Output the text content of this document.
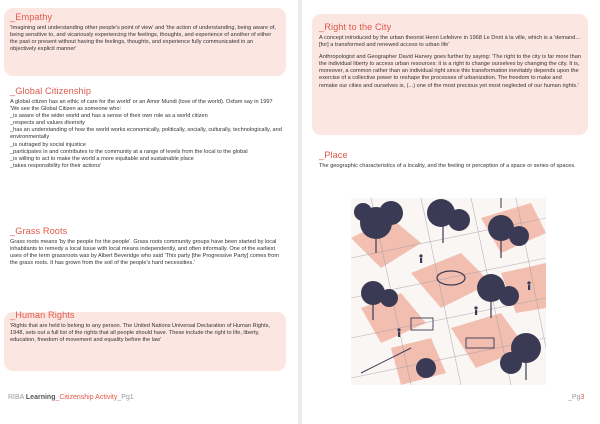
_Empathy
'Imagining and understanding other people's point of view' and 'the action of understanding, being aware of, being sensitive to, and vicariously experiencing the feelings, thoughts, and experience of another of either the past or present without having the feelings, thoughts, and experience fully communicated in an objectively explicit manner'
_Global Citizenship
A global citizen has an ethic of care for the world' or an Amor Mundi (love of the world). Oxfam say in 1997 'We see the Global Citizen as someone who:
_is aware of the wider world and has a sense of their own role as a world citizen
_respects and values diversity
_has an understanding of how the world works economically, politically, socially, culturally, technologically, and environmentally
_is outraged by social injustice
_participates in and contributes to the community at a range of levels from the local to the global
_is willing to act to make the world a more equitable and sustainable place
_takes responsibility for their actions'
_Grass Roots
Grass roots means 'by the people for the people'. Grass roots community groups have been started by local inhabitants to remedy a local issue with local means independently, and often informally. One of the earliest uses of the term grassroots was by Albert Beveridge who said 'This party [the Progressive Party] comes from the grass roots. It has grown from the soil of the people's hard necessities.'
_Human Rights
'Rights that are held to belong to any person. The United Nations Universal Declaration of Human Rights, 1948, sets out a full list of the rights that all people should have. These include the right to life, liberty, education, freedom of movement and equality before the law'
_Right to the City
A concept introduced by the urban theorist Henri Lefebvre in 1968 Le Droit à la ville, which is a 'demand...[for] a transformed and renewed access to urban life'
Anthropologist and Geographer David Harvey goes further by saying: 'The right to the city is far more than the individual liberty to access urban resources: it is a right to change ourselves by changing the city. It is, moreover, a common rather than an individual right since this transformation inevitably depends upon the exercise of a collective power to reshape the processes of urbanization. The freedom to make and remake our cities and ourselves is, (...) one of the most precious yet most neglected of our human rights.'
_Place
The geographic characteristics of a locality, and the feeling or perception of a space or series of spaces.
RIBA Learning_Citizenship Activity_Pg1	_Pg3
